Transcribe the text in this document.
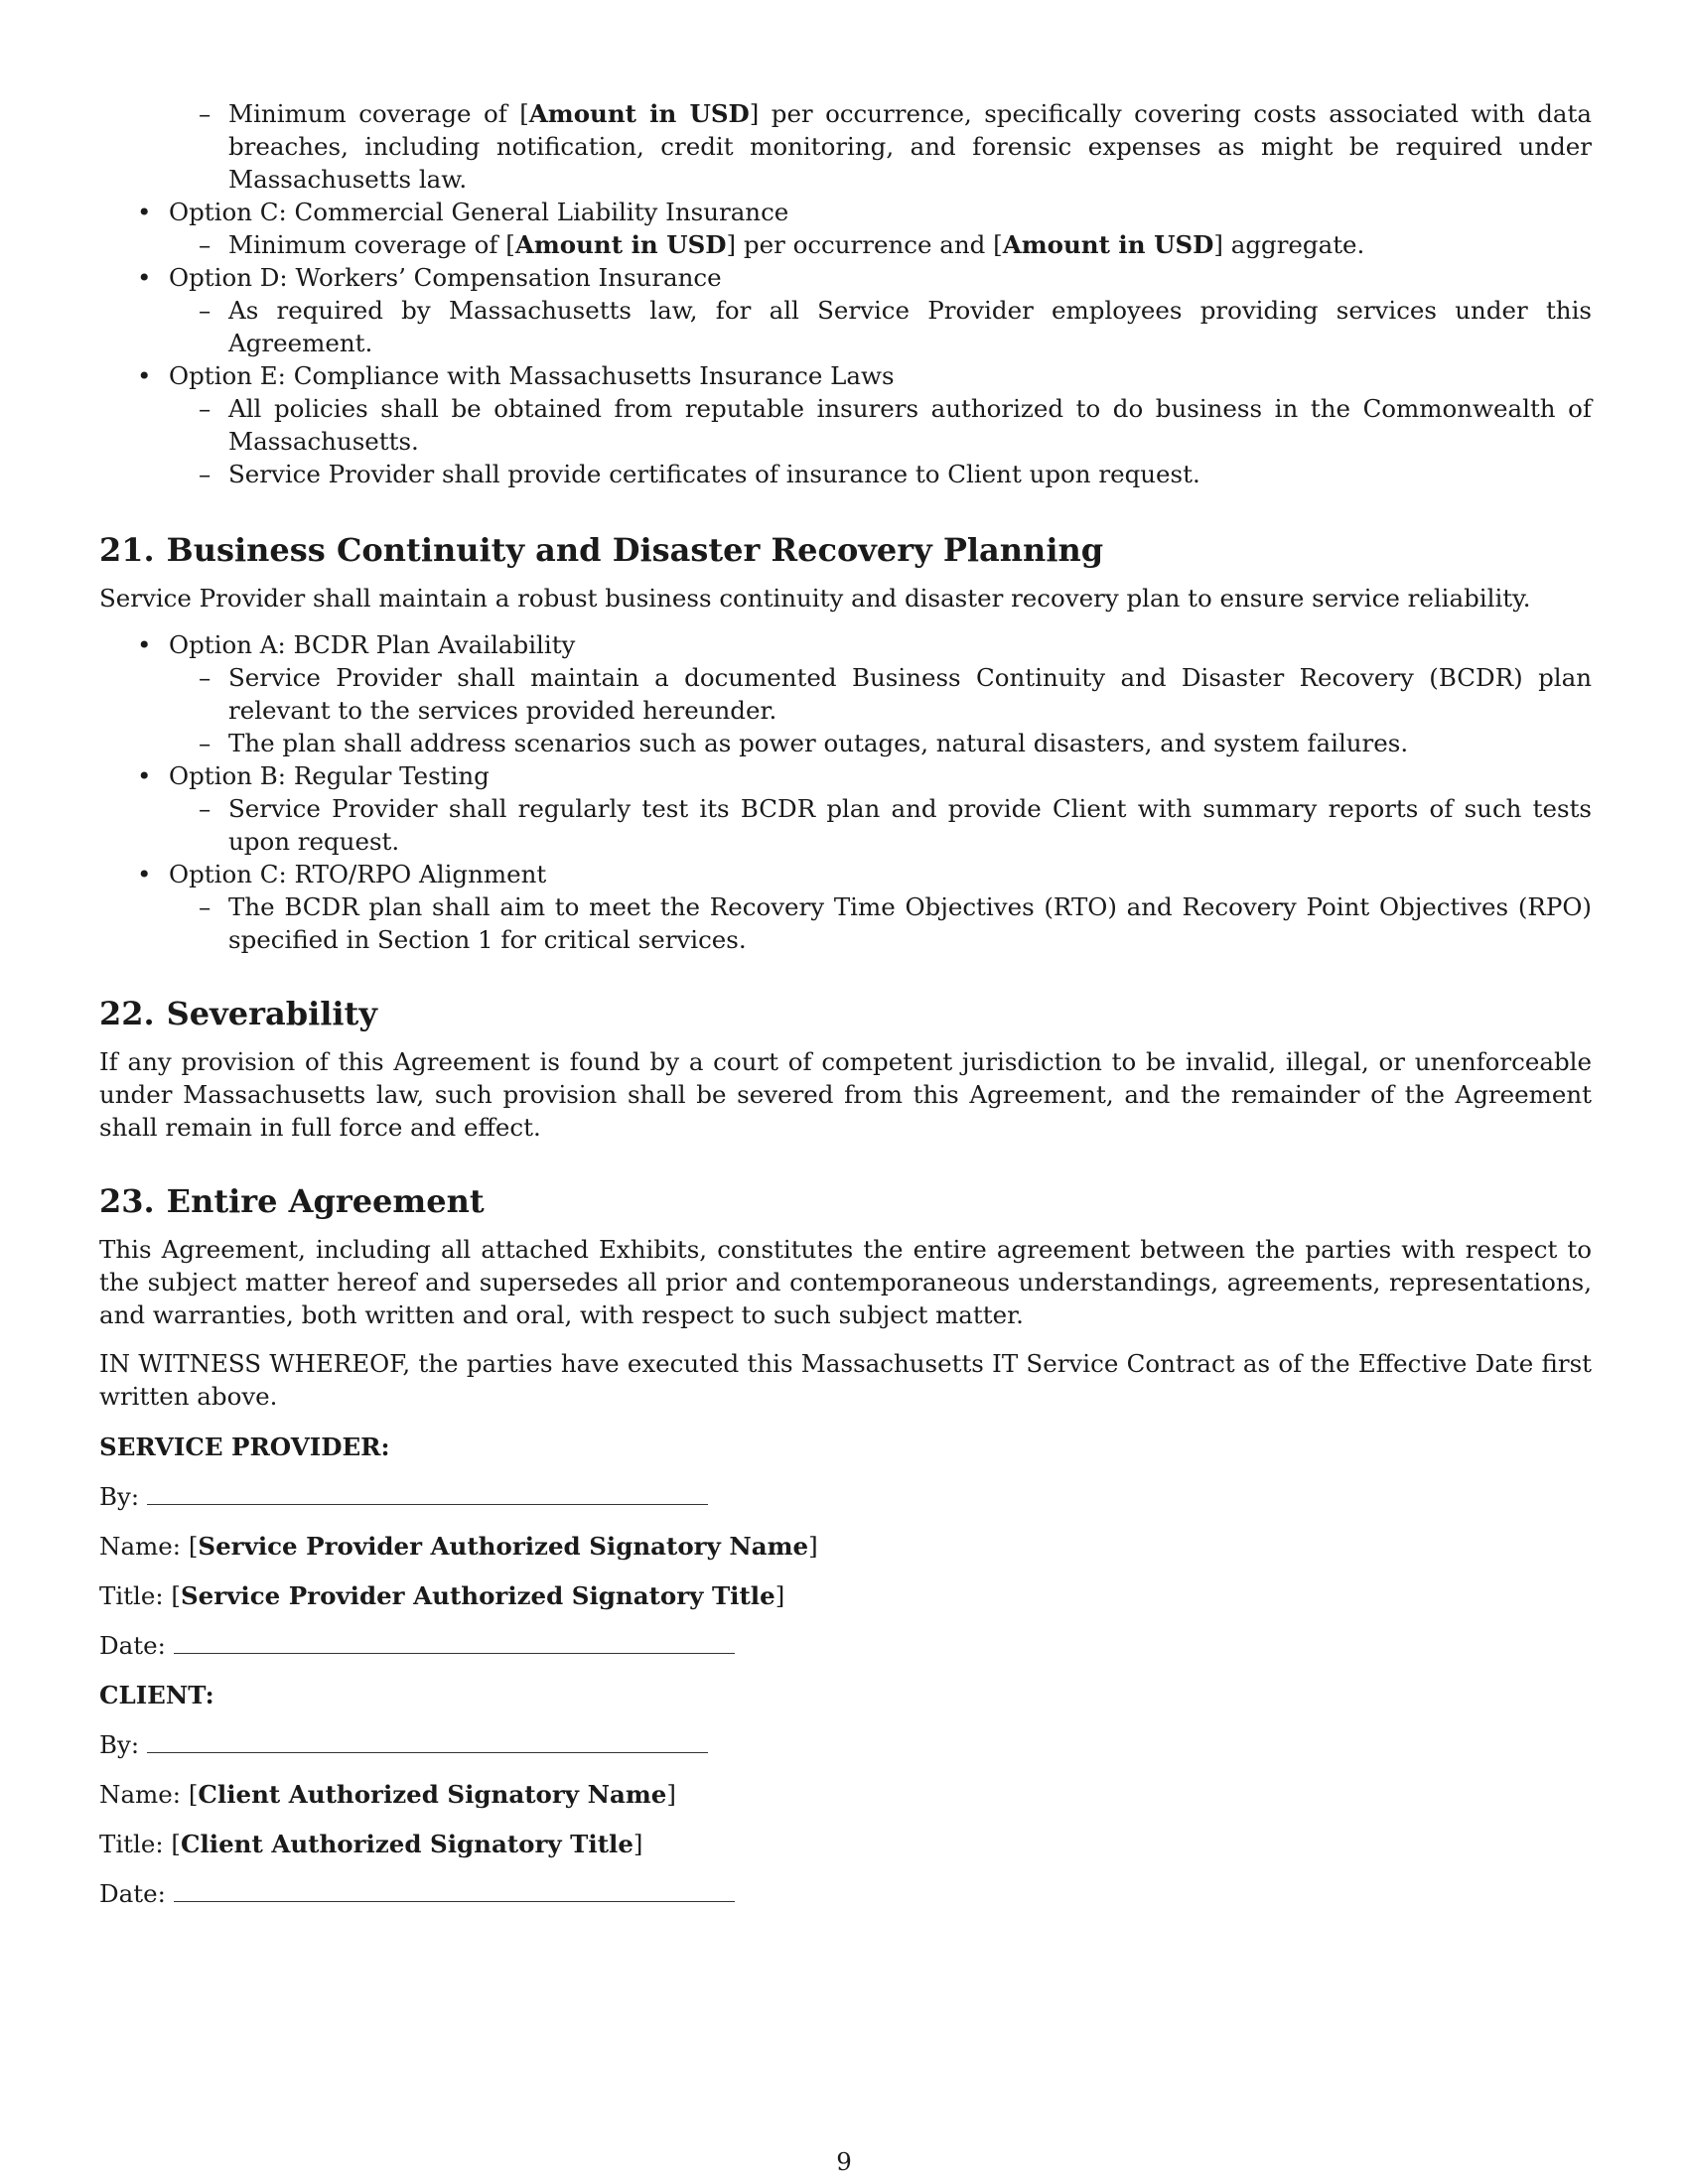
– Minimum coverage of [Amount in USD] per occurrence, specifically covering costs associated with data breaches, including notification, credit monitoring, and forensic expenses as might be required under Massachusetts law.
• Option C: Commercial General Liability Insurance
– Minimum coverage of [Amount in USD] per occurrence and [Amount in USD] aggregate.
• Option D: Workers’ Compensation Insurance
– As required by Massachusetts law, for all Service Provider employees providing services under this Agreement.
• Option E: Compliance with Massachusetts Insurance Laws
– All policies shall be obtained from reputable insurers authorized to do business in the Commonwealth of Massachusetts.
– Service Provider shall provide certificates of insurance to Client upon request.
21. Business Continuity and Disaster Recovery Planning

Service Provider shall maintain a robust business continuity and disaster recovery plan to ensure service reliability.

• Option A: BCDR Plan Availability
– Service Provider shall maintain a documented Business Continuity and Disaster Recovery (BCDR) plan relevant to the services provided hereunder.
– The plan shall address scenarios such as power outages, natural disasters, and system failures.
• Option B: Regular Testing
– Service Provider shall regularly test its BCDR plan and provide Client with summary reports of such tests upon request.
• Option C: RTO/RPO Alignment
– The BCDR plan shall aim to meet the Recovery Time Objectives (RTO) and Recovery Point Objectives (RPO) specified in Section 1 for critical services.
22. Severability

If any provision of this Agreement is found by a court of competent jurisdiction to be invalid, illegal, or unenforceable under Massachusetts law, such provision shall be severed from this Agreement, and the remainder of the Agreement shall remain in full force and effect.

23. Entire Agreement

This Agreement, including all attached Exhibits, constitutes the entire agreement between the parties with respect to the subject matter hereof and supersedes all prior and contemporaneous understandings, agreements, representations, and warranties, both written and oral, with respect to such subject matter.

IN WITNESS WHEREOF, the parties have executed this Massachusetts IT Service Contract as of the Effective Date first written above.

SERVICE PROVIDER:
By:
Name: [Service Provider Authorized Signatory Name]
Title: [Service Provider Authorized Signatory Title]
Date:
CLIENT:
By:
Name: [Client Authorized Signatory Name]
Title: [Client Authorized Signatory Title]
Date:
9
